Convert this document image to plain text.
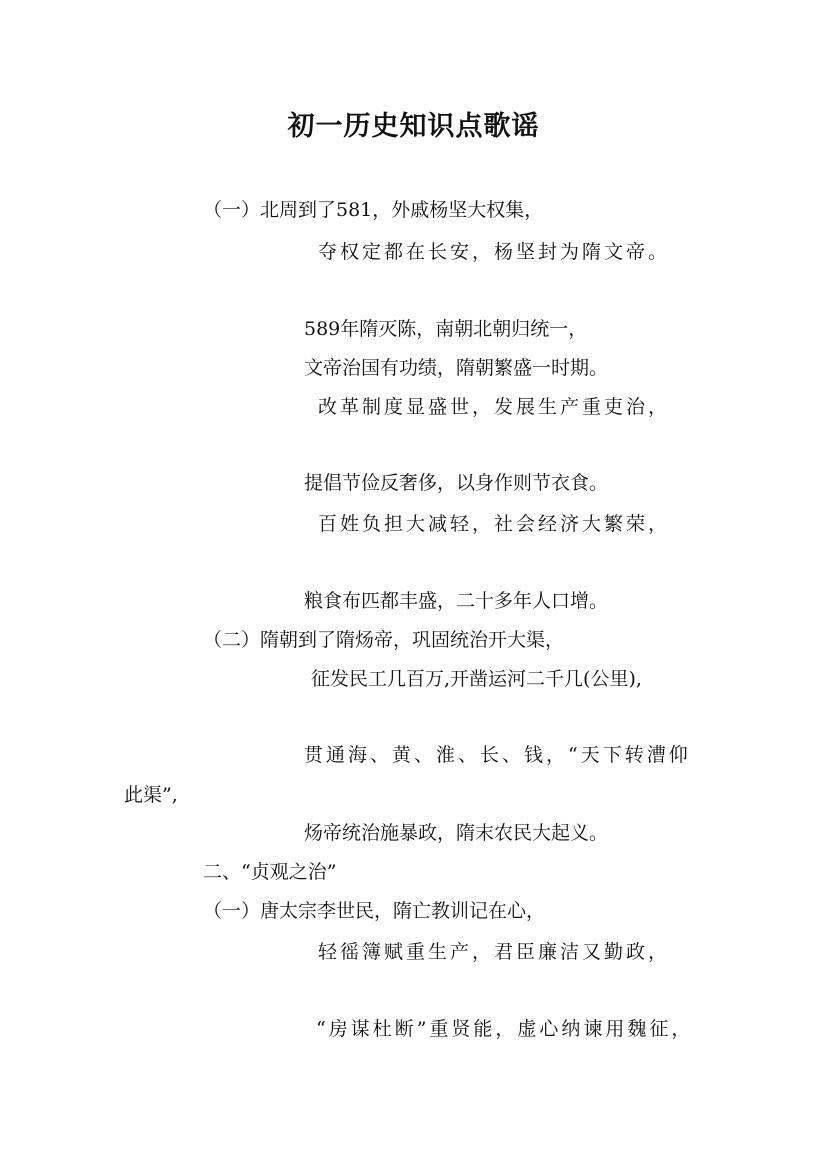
初一历史知识点歌谣
（一）北周到了581，外戚杨坚大权集，
夺权定都在长安，杨坚封为隋文帝。
589年隋灭陈，南朝北朝归统一，
文帝治国有功绩，隋朝繁盛一时期。
改革制度显盛世，发展生产重吏治，
提倡节俭反奢侈，以身作则节衣食。
百姓负担大减轻，社会经济大繁荣，
粮食布匹都丰盛，二十多年人口增。
（二）隋朝到了隋炀帝，巩固统治开大渠，
征发民工几百万,开凿运河二千几(公里),
贯通海、黄、淮、长、钱，“天下转漕仰
此渠”,
炀帝统治施暴政，隋末农民大起义。
二、“贞观之治”
（一）唐太宗李世民，隋亡教训记在心，
轻徭簿赋重生产，君臣廉洁又勤政，
“房谋杜断”重贤能，虚心纳谏用魏征，
